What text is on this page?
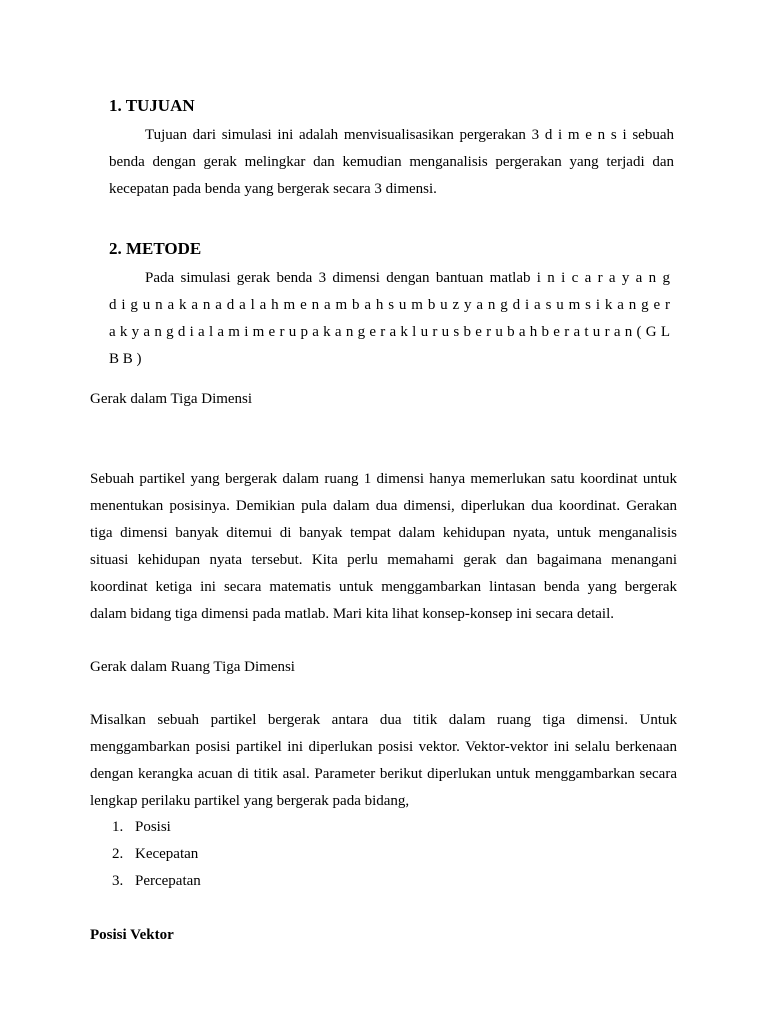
1. TUJUAN
Tujuan dari simulasi ini adalah menvisualisasikan pergerakan 3 d i m e n s i sebuah
benda dengan gerak melingkar dan kemudian menganalisis pergerakan yang terjadi dan
kecepatan pada benda yang bergerak secara 3 dimensi.
2. METODE
Pada simulasi gerak benda 3 dimensi dengan bantuan matlab i n i c a r a y a n g
d i g u n a k a n a d a l a h m e n a m b a h s u m b u z y a n g d i a s u m s i k a n g e r
a k y a n g d i a l a m i m e r u p a k a n g e r a k l u r u s b e r u b a h b e r a t u r a n ( G L
B B )

Gerak dalam Tiga Dimensi

Sebuah partikel yang bergerak dalam ruang 1 dimensi hanya memerlukan satu koordinat untuk
menentukan posisinya. Demikian pula dalam dua dimensi, diperlukan dua koordinat. Gerakan
tiga dimensi banyak ditemui di banyak tempat dalam kehidupan nyata, untuk menganalisis
situasi kehidupan nyata tersebut. Kita perlu memahami gerak dan bagaimana menangani
koordinat ketiga ini secara matematis untuk menggambarkan lintasan benda yang bergerak
dalam bidang tiga dimensi pada matlab. Mari kita lihat konsep-konsep ini secara detail.

Gerak dalam Ruang Tiga Dimensi

Misalkan sebuah partikel bergerak antara dua titik dalam ruang tiga dimensi. Untuk
menggambarkan posisi partikel ini diperlukan posisi vektor. Vektor-vektor ini selalu berkenaan
dengan kerangka acuan di titik asal. Parameter berikut diperlukan untuk menggambarkan secara
lengkap perilaku partikel yang bergerak pada bidang,
1. Posisi
2. Kecepatan
3. Percepatan

Posisi Vektor
